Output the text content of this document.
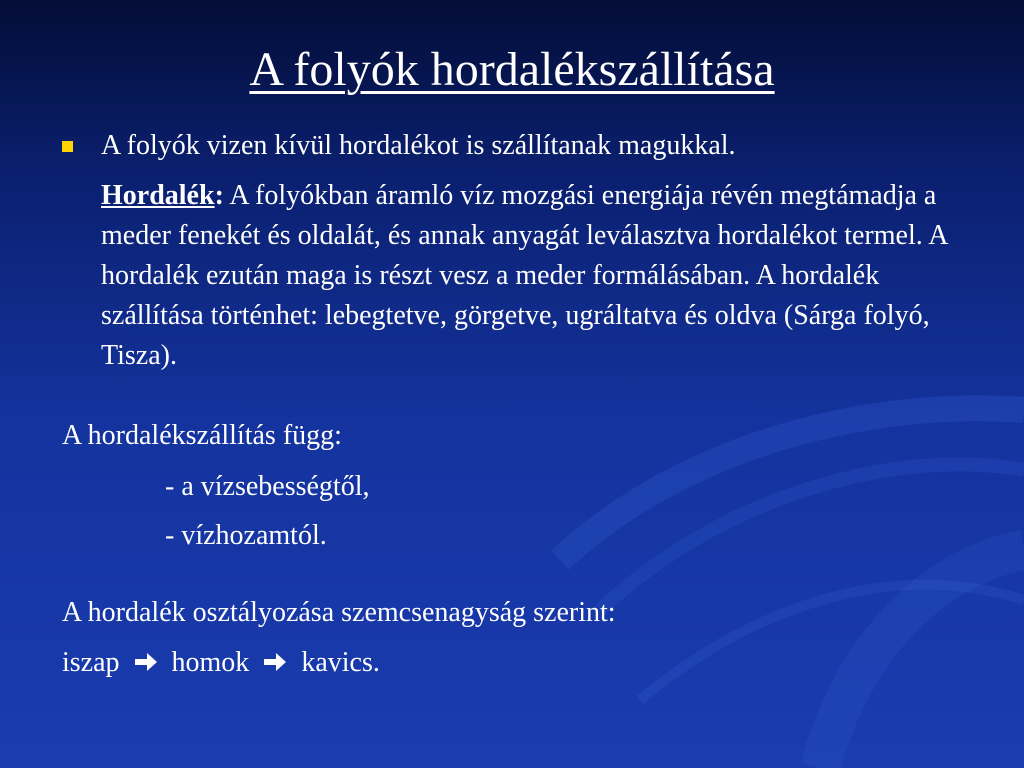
A folyók hordalékszállítása
A folyók vizen kívül hordalékot is szállítanak magukkal.
Hordalék: A folyókban áramló víz mozgási energiája révén megtámadja a meder fenekét és oldalát, és annak anyagát leválasztva hordalékot termel. A hordalék ezután maga is részt vesz a meder formálásában. A hordalék szállítása történhet: lebegtetve, görgetve, ugráltatva és oldva (Sárga folyó, Tisza).
A hordalékszállítás függ:
- a vízsebességtől,
- vízhozamtól.
A hordalék osztályozása szemcsenagyság szerint:
iszap homok kavics.
